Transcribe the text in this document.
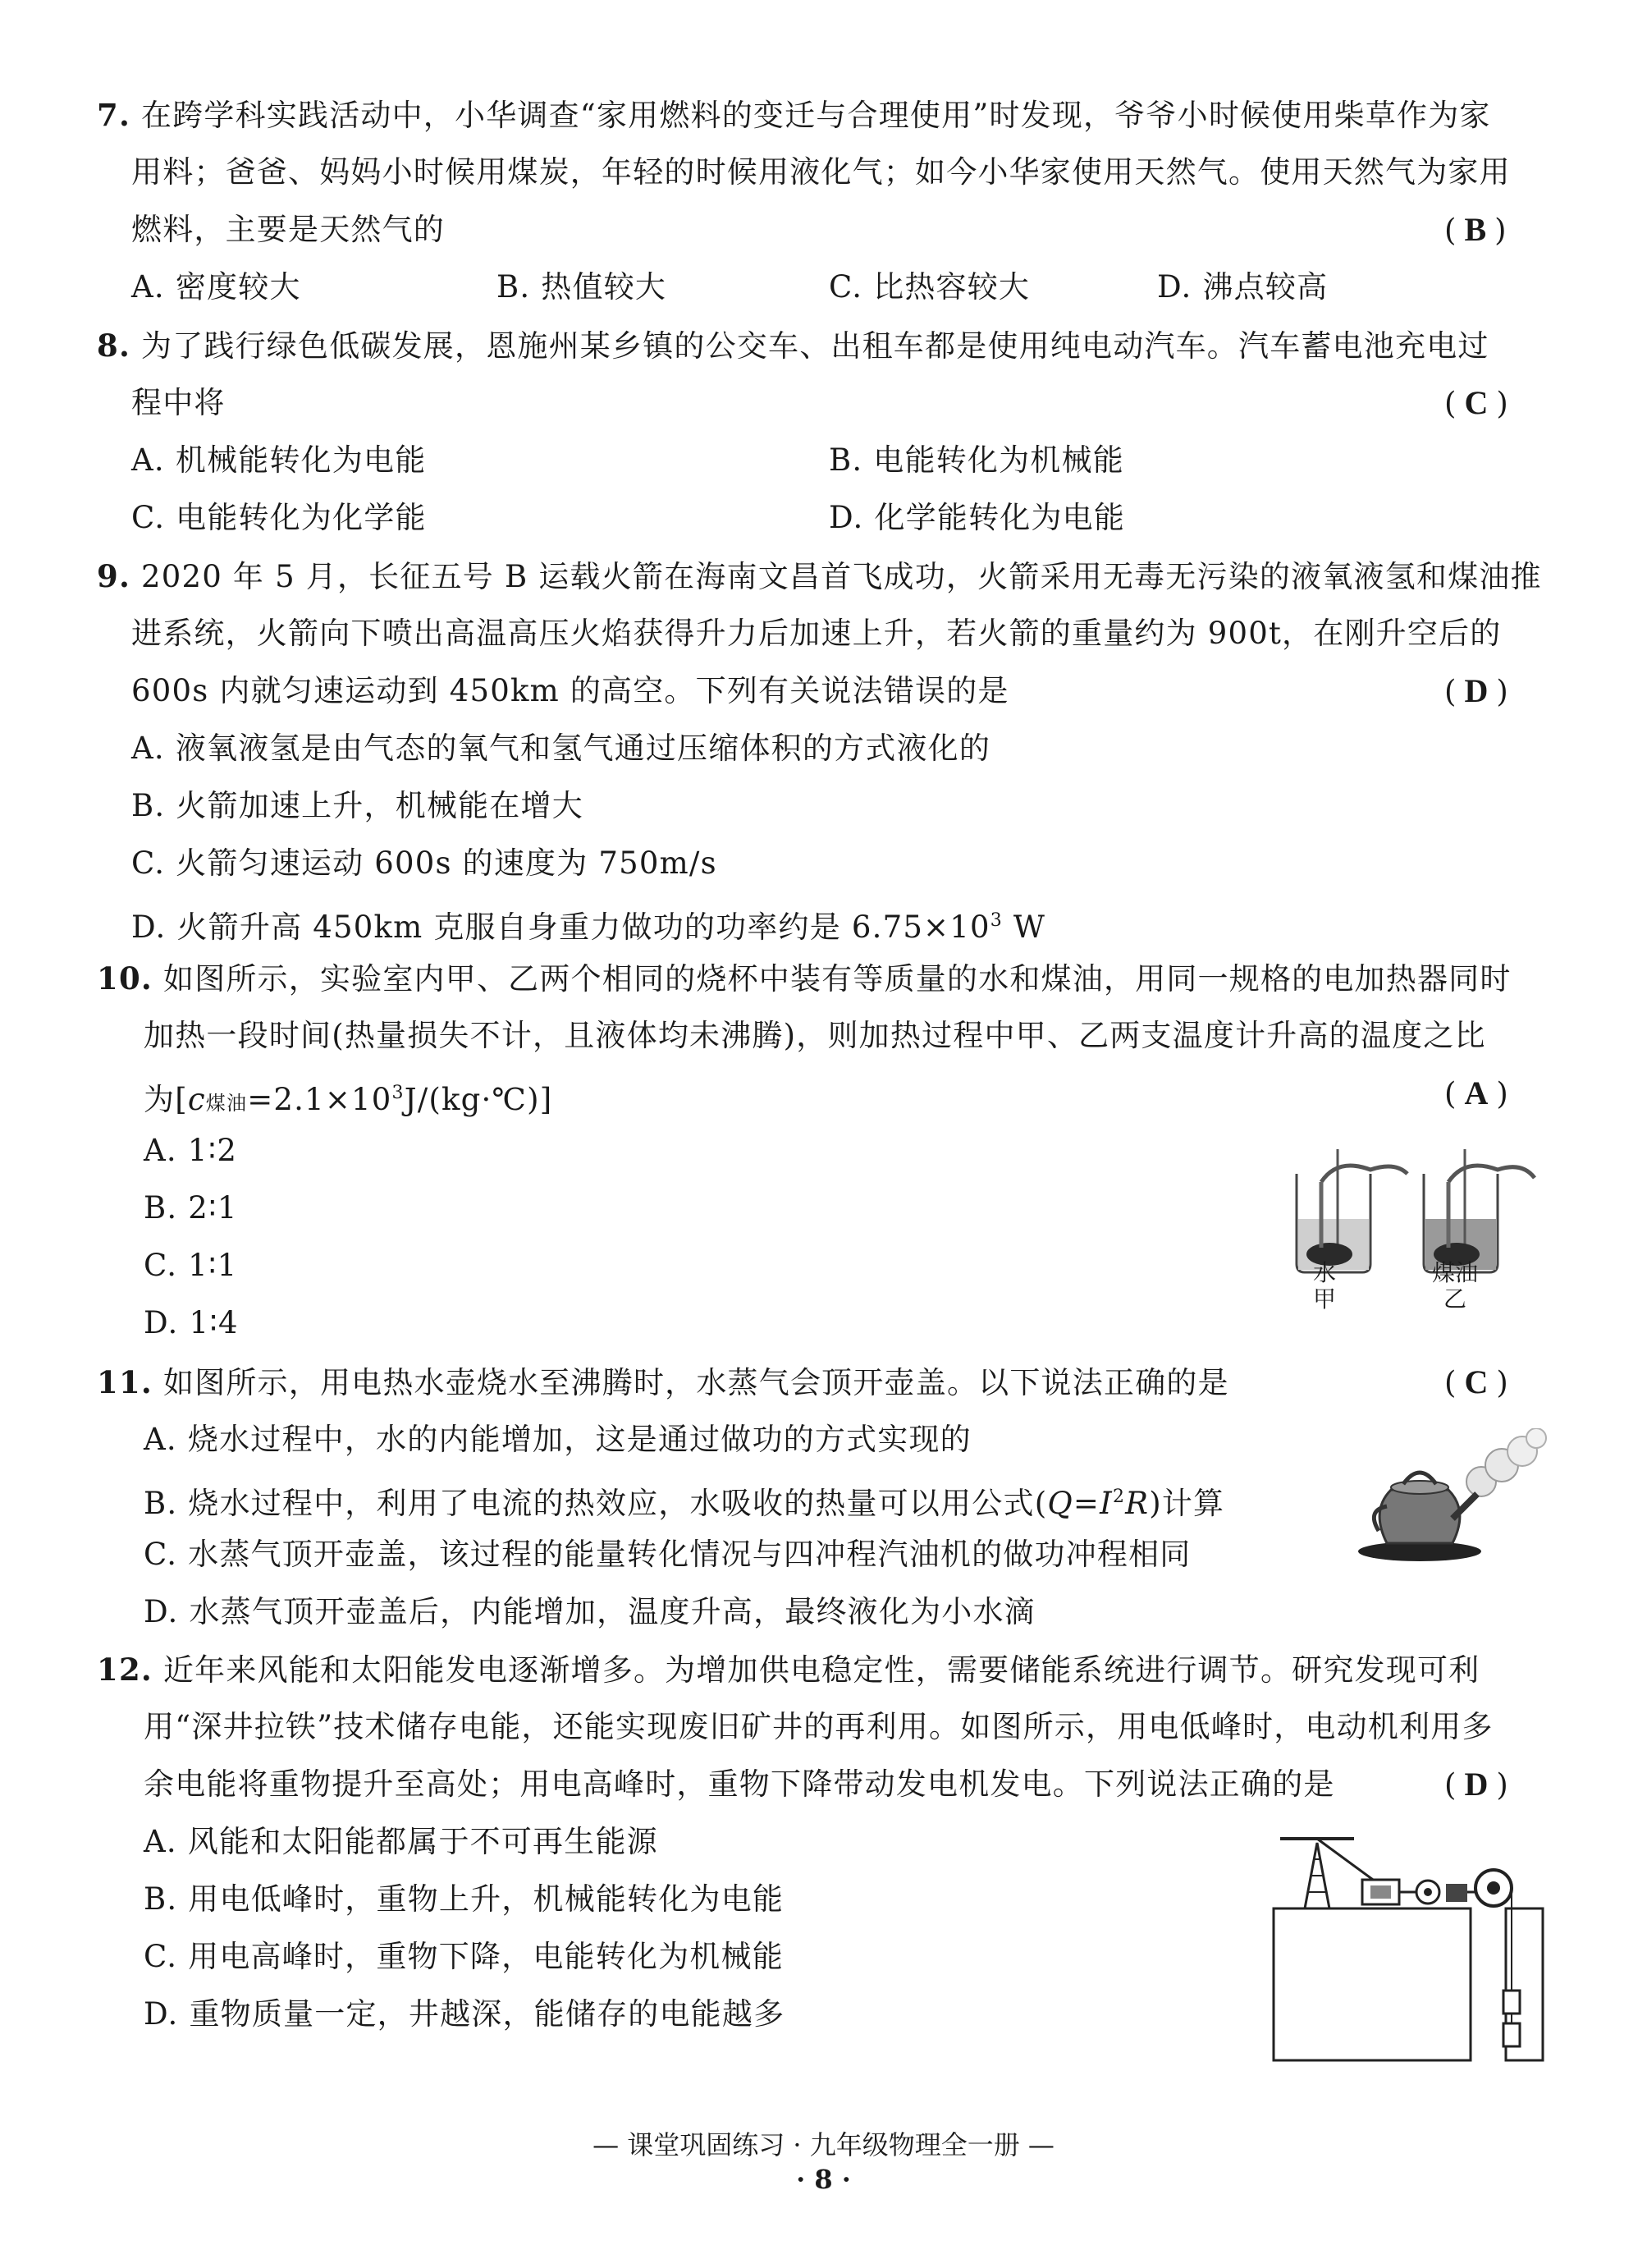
7. 在跨学科实践活动中，小华调查“家用燃料的变迁与合理使用”时发现，爷爷小时候使用柴草作为家
用料；爸爸、妈妈小时候用煤炭，年轻的时候用液化气；如今小华家使用天然气。使用天然气为家用
燃料，主要是天然气的	(B)
A. 密度较大	B. 热值较大	C. 比热容较大	D. 沸点较高
8. 为了践行绿色低碳发展，恩施州某乡镇的公交车、出租车都是使用纯电动汽车。汽车蓄电池充电过
程中将	(C)
A. 机械能转化为电能	B. 电能转化为机械能
C. 电能转化为化学能	D. 化学能转化为电能
9. 2020 年 5 月，长征五号 B 运载火箭在海南文昌首飞成功，火箭采用无毒无污染的液氧液氢和煤油推
进系统，火箭向下喷出高温高压火焰获得升力后加速上升，若火箭的重量约为 900t，在刚升空后的
600s 内就匀速运动到 450km 的高空。下列有关说法错误的是	(D)
A. 液氧液氢是由气态的氧气和氢气通过压缩体积的方式液化的
B. 火箭加速上升，机械能在增大
C. 火箭匀速运动 600s 的速度为 750m/s
D. 火箭升高 450km 克服自身重力做功的功率约是 $6.75\times 10^3$ W
10. 如图所示，实验室内甲、乙两个相同的烧杯中装有等质量的水和煤油，用同一规格的电加热器同时
加热一段时间(热量损失不计，且液体均未沸腾)，则加热过程中甲、乙两支温度计升高的温度之比
为[c煤油$=2.1\times 10^3J/(kg\cdot℃)$]	(A)
A. 1∶2
B. 2∶1
C. 1∶1
D. 1∶4
水
甲
煤油
乙
11. 如图所示，用电热水壶烧水至沸腾时，水蒸气会顶开壶盖。以下说法正确的是	(C)
A. 烧水过程中，水的内能增加，这是通过做功的方式实现的
B. 烧水过程中，利用了电流的热效应，水吸收的热量可以用公式$(Q=I^2R)$计算
C. 水蒸气顶开壶盖，该过程的能量转化情况与四冲程汽油机的做功冲程相同
D. 水蒸气顶开壶盖后，内能增加，温度升高，最终液化为小水滴
12. 近年来风能和太阳能发电逐渐增多。为增加供电稳定性，需要储能系统进行调节。研究发现可利
用“深井拉铁”技术储存电能，还能实现废旧矿井的再利用。如图所示，用电低峰时，电动机利用多
余电能将重物提升至高处；用电高峰时，重物下降带动发电机发电。下列说法正确的是	(D)
A. 风能和太阳能都属于不可再生能源
B. 用电低峰时，重物上升，机械能转化为电能
C. 用电高峰时，重物下降，电能转化为机械能
D. 重物质量一定，井越深，能储存的电能越多
— 课堂巩固练习 · 九年级物理全一册 —
· 8 ·
